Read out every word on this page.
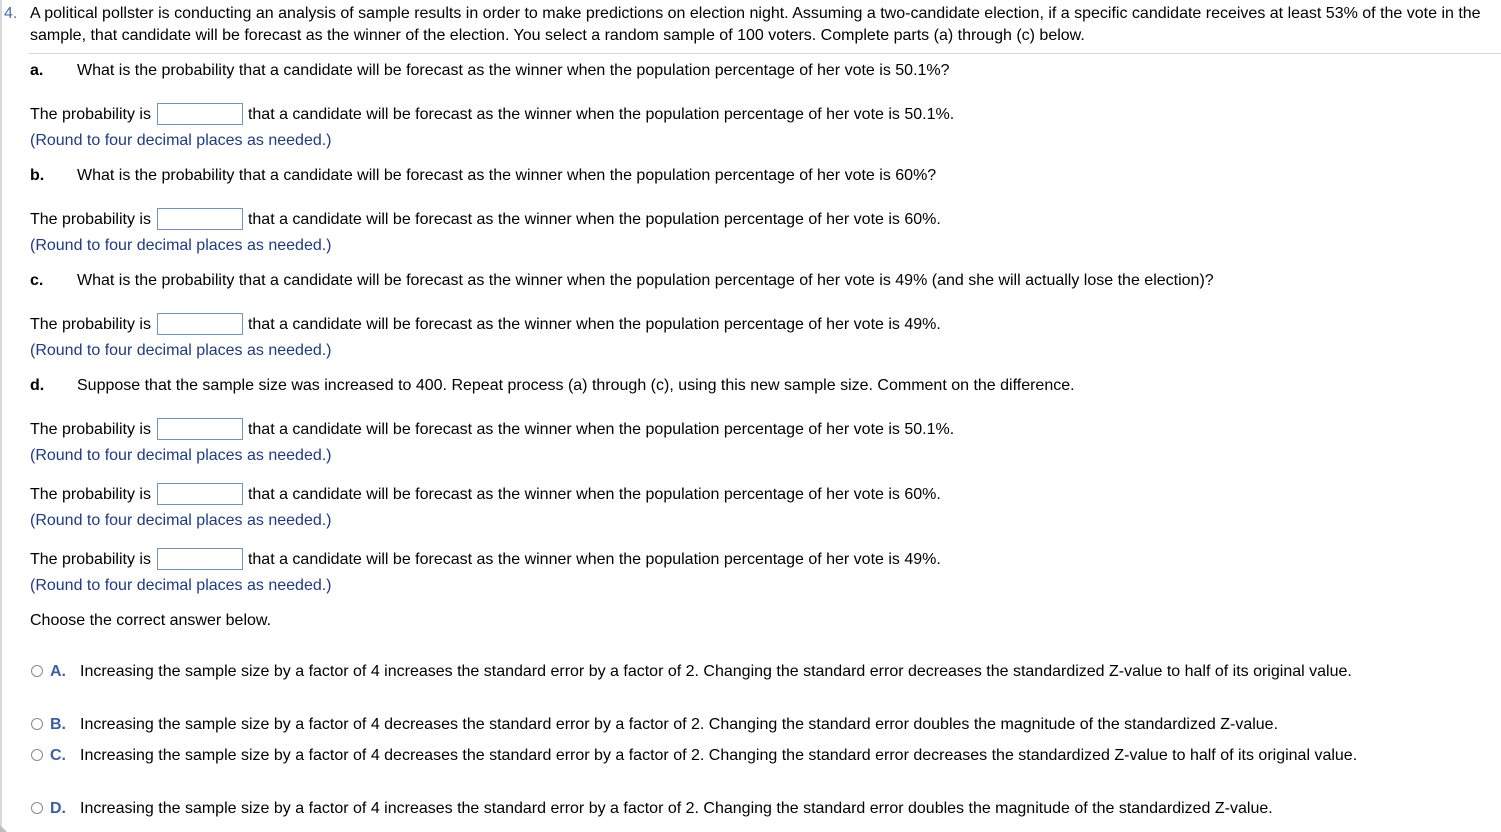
4. A political pollster is conducting an analysis of sample results in order to make predictions on election night. Assuming a two-candidate election, if a specific candidate receives at least 53% of the vote in the sample, that candidate will be forecast as the winner of the election. You select a random sample of 100 voters. Complete parts (a) through (c) below.
a. What is the probability that a candidate will be forecast as the winner when the population percentage of her vote is 50.1%?
The probability is	that a candidate will be forecast as the winner when the population percentage of her vote is 50.1%.
(Round to four decimal places as needed.)
b. What is the probability that a candidate will be forecast as the winner when the population percentage of her vote is 60%?
The probability is	that a candidate will be forecast as the winner when the population percentage of her vote is 60%.
(Round to four decimal places as needed.)
c. What is the probability that a candidate will be forecast as the winner when the population percentage of her vote is 49% (and she will actually lose the election)?
The probability is	that a candidate will be forecast as the winner when the population percentage of her vote is 49%.
(Round to four decimal places as needed.)
d. Suppose that the sample size was increased to 400. Repeat process (a) through (c), using this new sample size. Comment on the difference.
The probability is	that a candidate will be forecast as the winner when the population percentage of her vote is 50.1%.
(Round to four decimal places as needed.)
The probability is	that a candidate will be forecast as the winner when the population percentage of her vote is 60%.
(Round to four decimal places as needed.)
The probability is	that a candidate will be forecast as the winner when the population percentage of her vote is 49%.
(Round to four decimal places as needed.)
Choose the correct answer below.
A. Increasing the sample size by a factor of 4 increases the standard error by a factor of 2. Changing the standard error decreases the standardized Z-value to half of its original value.
B. Increasing the sample size by a factor of 4 decreases the standard error by a factor of 2. Changing the standard error doubles the magnitude of the standardized Z-value.
C. Increasing the sample size by a factor of 4 decreases the standard error by a factor of 2. Changing the standard error decreases the standardized Z-value to half of its original value.
D. Increasing the sample size by a factor of 4 increases the standard error by a factor of 2. Changing the standard error doubles the magnitude of the standardized Z-value.
